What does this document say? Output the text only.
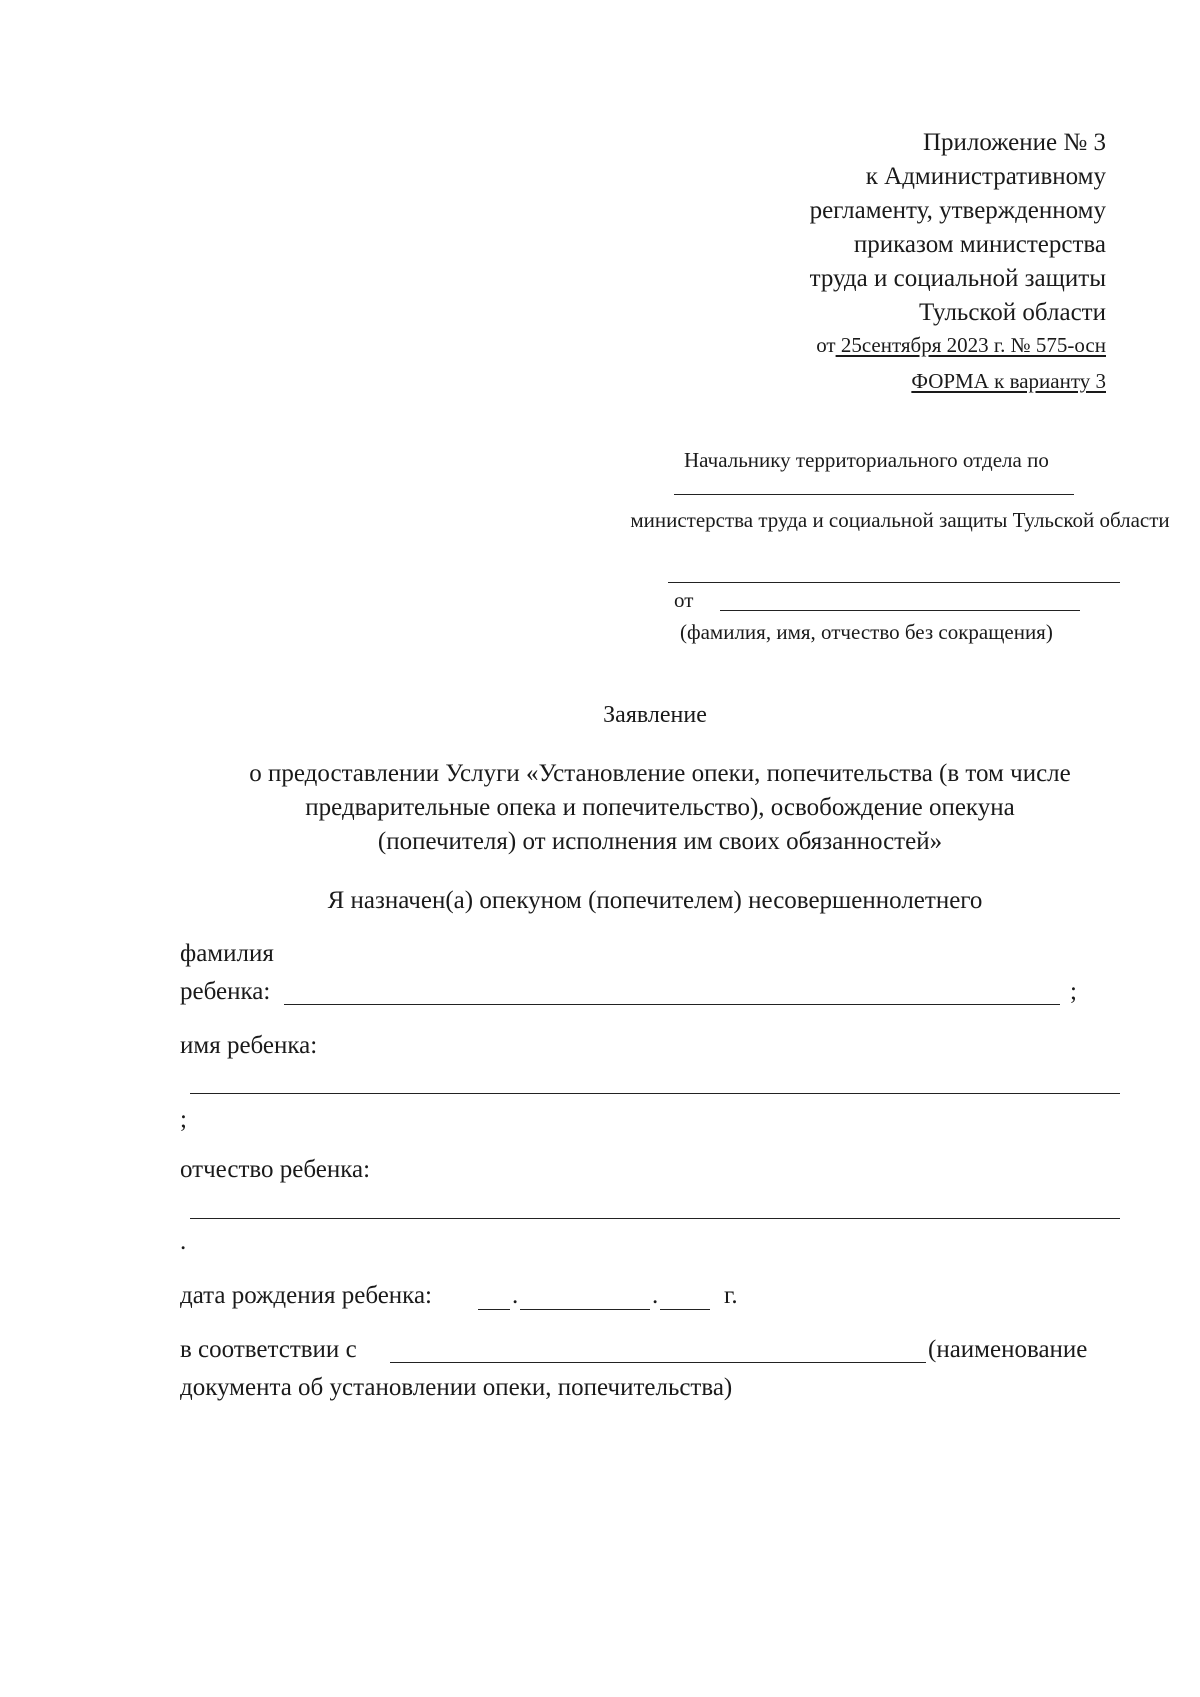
Приложение № 3
к Административному
регламенту, утвержденному
приказом министерства
труда и социальной защиты
Тульской области
от 25сентября 2023 г. № 575-осн
ФОРМА к варианту 3
Начальнику территориального отдела по
министерства труда и социальной защиты Тульской области
от
(фамилия, имя, отчество без сокращения)
Заявление
о предоставлении Услуги «Установление опеки, попечительства (в том числе
предварительные опека и попечительство), освобождение опекуна
(попечителя) от исполнения им своих обязанностей»
Я назначен(а) опекуном (попечителем) несовершеннолетнего
фамилия
ребенка:	;
имя ребенка:
;
отчество ребенка:
.
дата рождения ребенка:	.	.	г.
в соответствии с	(наименование
документа об установлении опеки, попечительства)
